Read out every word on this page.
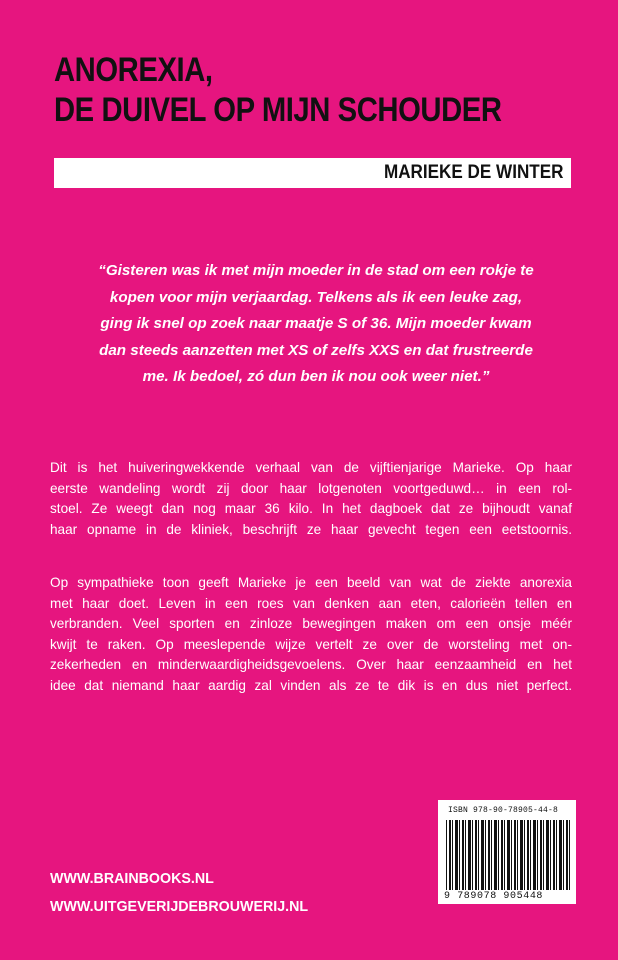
ANOREXIA,
DE DUIVEL OP MIJN SCHOUDER
MARIEKE DE WINTER
“Gisteren was ik met mijn moeder in de stad om een rokje te
kopen voor mijn verjaardag. Telkens als ik een leuke zag,
ging ik snel op zoek naar maatje S of 36. Mijn moeder kwam
dan steeds aanzetten met XS of zelfs XXS en dat frustreerde
me. Ik bedoel, zó dun ben ik nou ook weer niet.”
Dit is het huiveringwekkende verhaal van de vijftienjarige Marieke. Op haar
eerste wandeling wordt zij door haar lotgenoten voortgeduwd… in een rol-
stoel. Ze weegt dan nog maar 36 kilo. In het dagboek dat ze bijhoudt vanaf
haar opname in de kliniek, beschrijft ze haar gevecht tegen een eetstoornis.
Op sympathieke toon geeft Marieke je een beeld van wat de ziekte anorexia
met haar doet. Leven in een roes van denken aan eten, calorieën tellen en
verbranden. Veel sporten en zinloze bewegingen maken om een onsje méér
kwijt te raken. Op meeslepende wijze vertelt ze over de worsteling met on-
zekerheden en minderwaardigheidsgevoelens. Over haar eenzaamheid en het
idee dat niemand haar aardig zal vinden als ze te dik is en dus niet perfect.
ISBN 978-90-78905-44-8
9 789078 905448
WWW.BRAINBOOKS.NL
WWW.UITGEVERIJDEBROUWERIJ.NL
